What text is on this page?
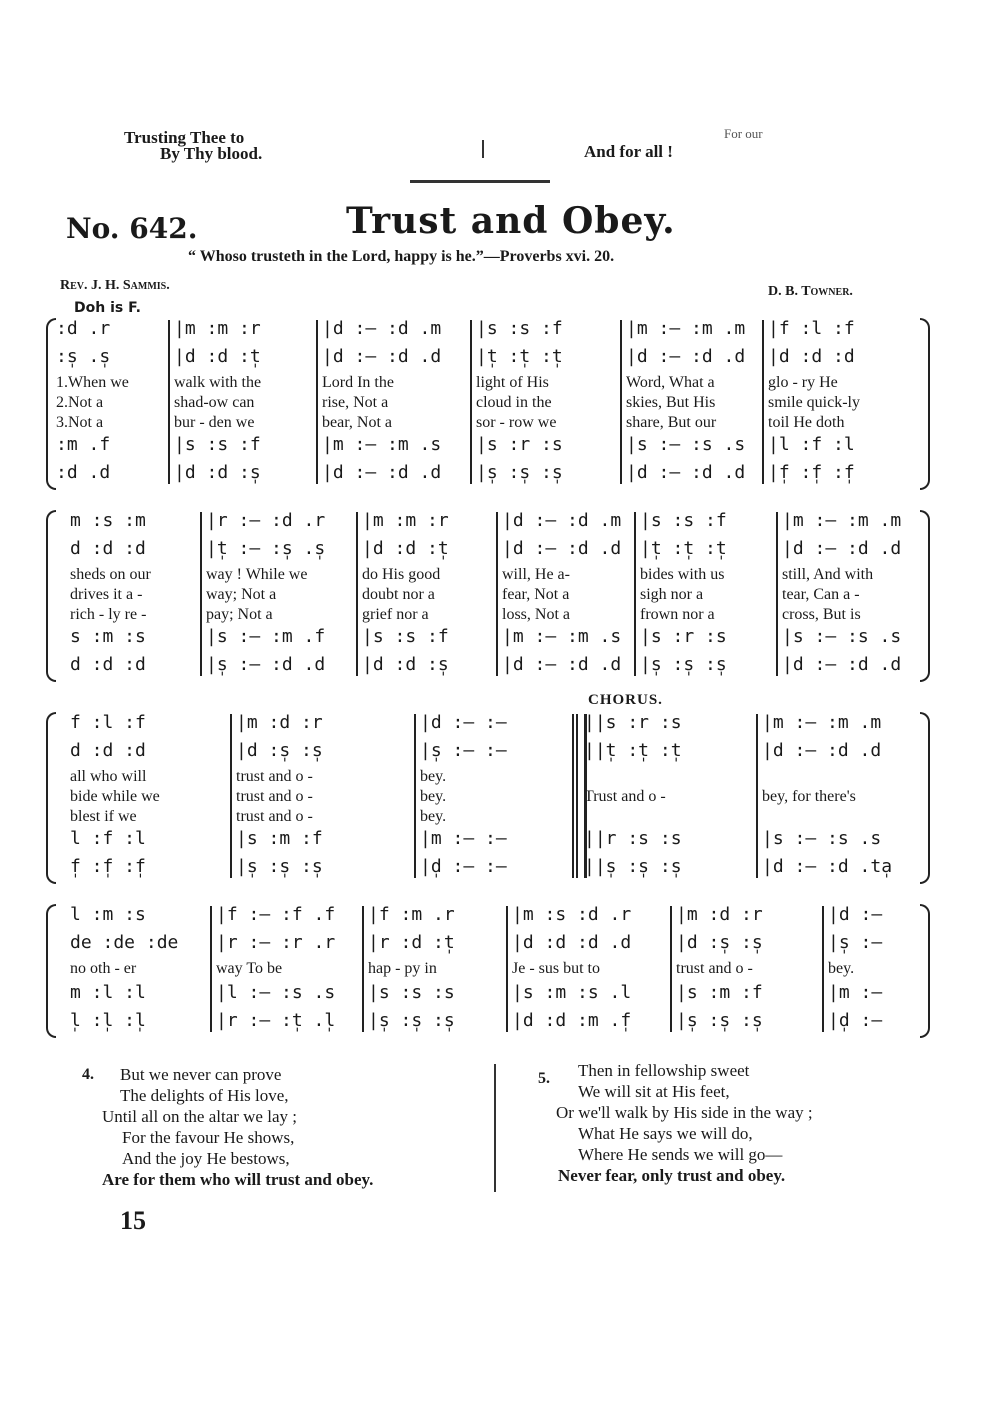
Trusting Thee to
By Thy blood.	And for all !
For our
No. 642.	Trust and Obey.
“ Whoso trusteth in the Lord, happy is he.”—Proverbs xvi. 20.
Rev. J. H. Sammis.	D. B. Towner.
Doh is F.
:d .r	|m :m :r	|d :— :d .m |s :s :f	|m :— :m .m |f :l :f
:s̩ .s̩	|d :d :t̩	|d :— :d .d |t̩ :t̩ :t̩	|d :— :d .d |d :d :d
1.When we	walk with the	Lord In the	light of His	Word, What a	glo - ry He
2.Not a	shad-ow can	rise, Not a	cloud in the	skies, But His	smile quick-ly
3.Not a	bur - den we	bear, Not a	sor - row we	share, But our	toil He doth
:m .f	|s :s :f	|m :— :m .s |s :r :s	|s :— :s .s |l :f :l
:d .d	|d :d :s̩	|d :— :d .d |s̩ :s̩ :s̩	|d :— :d .d |f̩ :f̩ :f̩
m :s :m	|r :— :d .r |m :m :r	|d :— :d .m |s :s :f	|m :— :m .m
d :d :d	|t̩ :— :s̩ .s̩ |d :d :t̩	|d :— :d .d |t̩ :t̩ :t̩	|d :— :d .d
sheds on our	way ! While we	do His good	will, He a-	bides with us	still, And with
drives it a -	way; Not a	doubt nor a	fear, Not a	sigh nor a	tear, Can a -
rich - ly re -	pay; Not a	grief nor a	loss, Not a	frown nor a	cross, But is
s :m :s	|s :— :m .f |s :s :f	|m :— :m .s |s :r :s	|s :— :s .s
d :d :d	|s̩ :— :d .d |d :d :s̩	|d :— :d .d |s̩ :s̩ :s̩	|d :— :d .d
f :l :f	|m :d :r	|d :— :—	||s :r :s	|m :— :m .m
d :d :d	|d :s̩ :s̩	|s̩ :— :—	||t̩ :t̩ :t̩	|d :— :d .d
all who will	trust and o -	bey.
bide while we	trust and o -	bey.	Trust and o -	bey, for there's
blest if we	trust and o -	bey.
l :f :l	|s :m :f	|m :— :—	||r :s :s	|s :— :s .s
f̩ :f̩ :f̩	|s̩ :s̩ :s̩	|d̩ :— :—	||s̩ :s̩ :s̩	|d :— :d .ta̩
CHORUS.
l :m :s	|f :— :f .f |f :m .r	|m :s :d .r |m :d :r	|d :—
de :de :de |r :— :r .r |r :d :t̩	|d :d :d .d |d :s̩ :s̩	|s̩ :—
no oth - er	way To be	hap - py in	Je - sus but to	trust and o -	bey.
m :l :l	|l :— :s .s |s :s :s	|s :m :s .l |s :m :f	|m :—
l̩ :l̩ :l̩	|r :— :t̩ .l̩ |s̩ :s̩ :s̩	|d :d :m .f̩ |s̩ :s̩ :s̩	|d̩ :—
4. But we never can prove
The delights of His love,
Until all on the altar we lay ;
For the favour He shows,
And the joy He bestows,
Are for them who will trust and obey.
5. Then in fellowship sweet
We will sit at His feet,
Or we'll walk by His side in the way ;
What He says we will do,
Where He sends we will go—
Never fear, only trust and obey.
15
